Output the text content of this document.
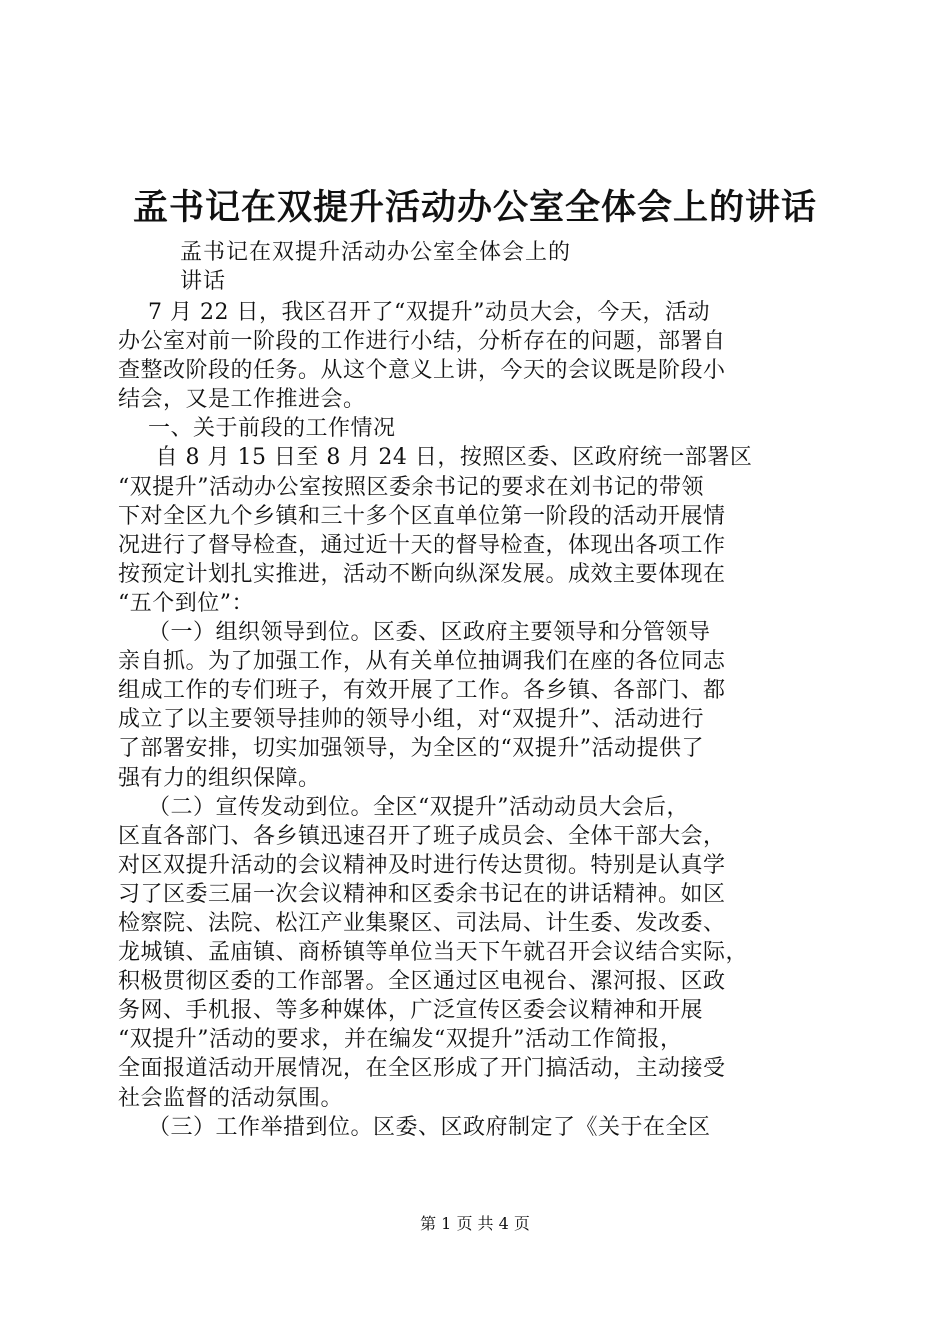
孟书记在双提升活动办公室全体会上的讲话
孟书记在双提升活动办公室全体会上的
讲话
7 月 22 日，我区召开了“双提升”动员大会，今天，活动
办公室对前一阶段的工作进行小结，分析存在的问题，部署自
查整改阶段的任务。从这个意义上讲，今天的会议既是阶段小
结会，又是工作推进会。
一、关于前段的工作情况
自 8 月 15 日至 8 月 24 日，按照区委、区政府统一部署区
“双提升”活动办公室按照区委余书记的要求在刘书记的带领
下对全区九个乡镇和三十多个区直单位第一阶段的活动开展情
况进行了督导检查，通过近十天的督导检查，体现出各项工作
按预定计划扎实推进，活动不断向纵深发展。成效主要体现在
“五个到位”：
（一）组织领导到位。区委、区政府主要领导和分管领导
亲自抓。为了加强工作，从有关单位抽调我们在座的各位同志
组成工作的专们班子，有效开展了工作。各乡镇、各部门、都
成立了以主要领导挂帅的领导小组，对“双提升”、活动进行
了部署安排，切实加强领导，为全区的“双提升”活动提供了
强有力的组织保障。
（二）宣传发动到位。全区“双提升”活动动员大会后，
区直各部门、各乡镇迅速召开了班子成员会、全体干部大会，
对区双提升活动的会议精神及时进行传达贯彻。特别是认真学
习了区委三届一次会议精神和区委余书记在的讲话精神。如区
检察院、法院、松江产业集聚区、司法局、计生委、发改委、
龙城镇、孟庙镇、商桥镇等单位当天下午就召开会议结合实际，
积极贯彻区委的工作部署。全区通过区电视台、漯河报、区政
务网、手机报、等多种媒体，广泛宣传区委会议精神和开展
“双提升”活动的要求，并在编发“双提升”活动工作简报，
全面报道活动开展情况，在全区形成了开门搞活动，主动接受
社会监督的活动氛围。
（三）工作举措到位。区委、区政府制定了《关于在全区
第 1 页 共 4 页
